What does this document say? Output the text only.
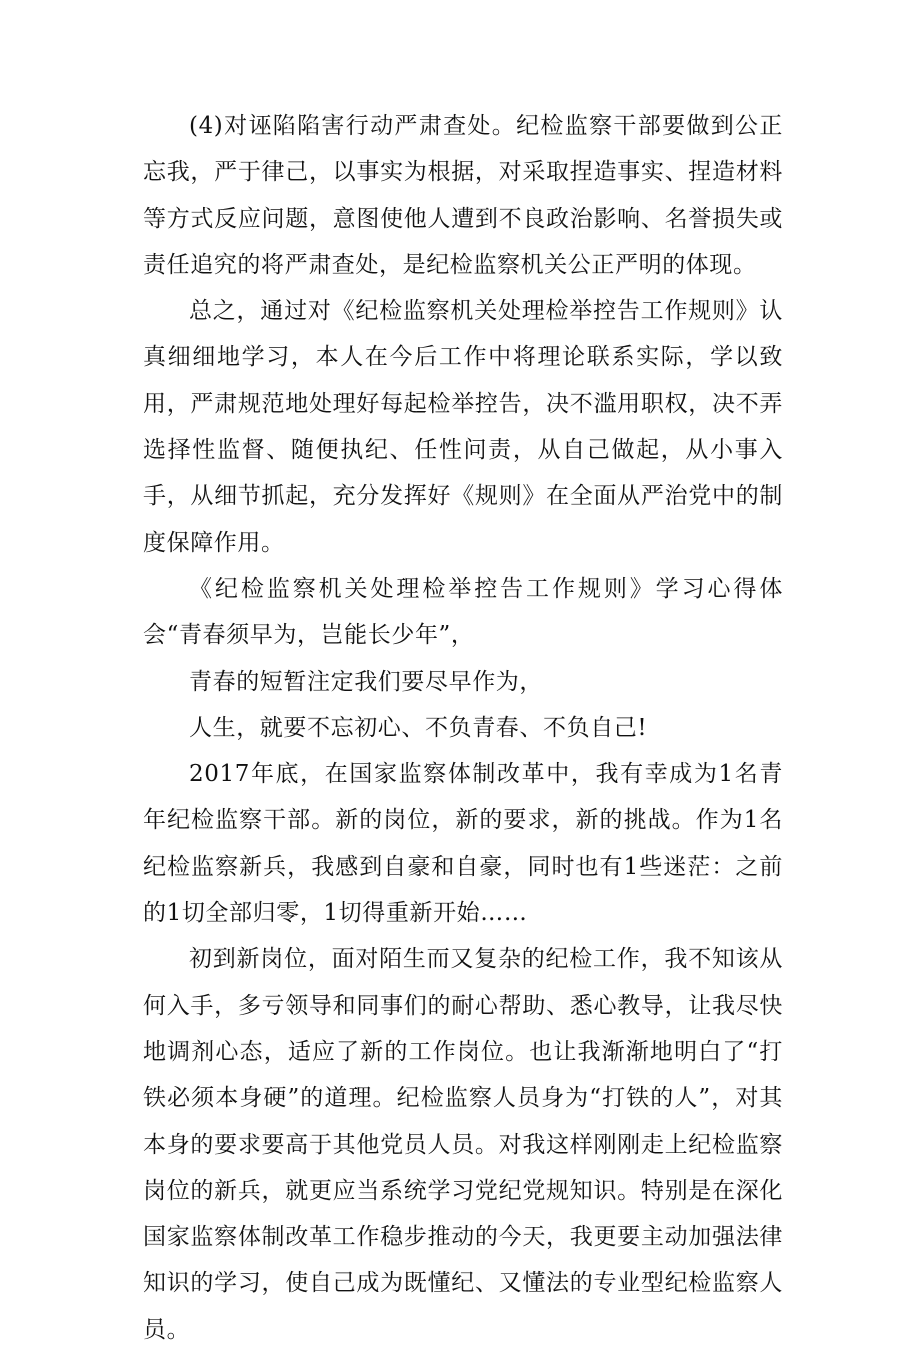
(4)对诬陷陷害行动严肃查处。纪检监察干部要做到公正忘我，严于律己，以事实为根据，对采取捏造事实、捏造材料等方式反应问题，意图使他人遭到不良政治影响、名誉损失或责任追究的将严肃查处，是纪检监察机关公正严明的体现。

总之，通过对《纪检监察机关处理检举控告工作规则》认真细细地学习，本人在今后工作中将理论联系实际，学以致用，严肃规范地处理好每起检举控告，决不滥用职权，决不弄选择性监督、随便执纪、任性问责，从自己做起，从小事入手，从细节抓起，充分发挥好《规则》在全面从严治党中的制度保障作用。

《纪检监察机关处理检举控告工作规则》学习心得体会“青春须早为，岂能长少年”，

青春的短暂注定我们要尽早作为，

人生，就要不忘初心、不负青春、不负自己!

2017年底，在国家监察体制改革中，我有幸成为1名青年纪检监察干部。新的岗位，新的要求，新的挑战。作为1名纪检监察新兵，我感到自豪和自豪，同时也有1些迷茫：之前的1切全部归零，1切得重新开始……

初到新岗位，面对陌生而又复杂的纪检工作，我不知该从何入手，多亏领导和同事们的耐心帮助、悉心教导，让我尽快地调剂心态，适应了新的工作岗位。也让我渐渐地明白了“打铁必须本身硬”的道理。纪检监察人员身为“打铁的人”，对其本身的要求要高于其他党员人员。对我这样刚刚走上纪检监察岗位的新兵，就更应当系统学习党纪党规知识。特别是在深化国家监察体制改革工作稳步推动的今天，我更要主动加强法律知识的学习，使自己成为既懂纪、又懂法的专业型纪检监察人员。
